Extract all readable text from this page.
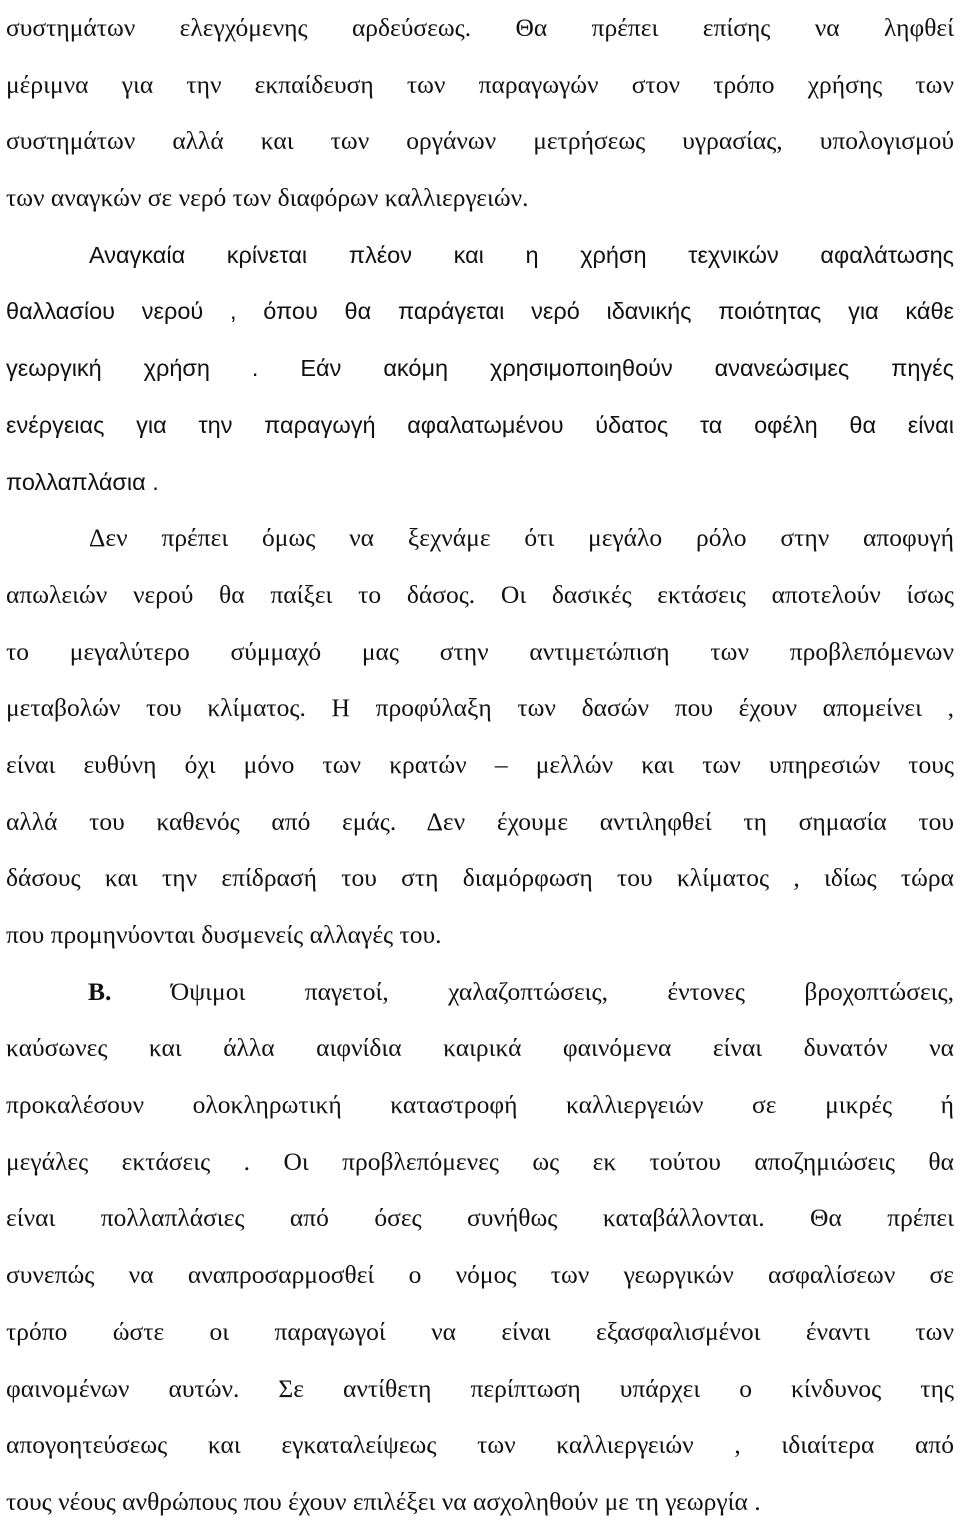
συστημάτων ελεγχόμενης αρδεύσεως. Θα πρέπει επίσης να ληφθεί
μέριμνα για την εκπαίδευση των παραγωγών στον τρόπο χρήσης των
συστημάτων αλλά και των οργάνων μετρήσεως υγρασίας, υπολογισμού
των αναγκών σε νερό των διαφόρων καλλιεργειών.
Αναγκαία κρίνεται πλέον και η χρήση τεχνικών αφαλάτωσης
θαλλασίου νερού , όπου θα παράγεται νερό ιδανικής ποιότητας για κάθε
γεωργική χρήση . Εάν ακόμη χρησιμοποιηθούν ανανεώσιμες πηγές
ενέργειας για την παραγωγή αφαλατωμένου ύδατος τα οφέλη θα είναι
πολλαπλάσια .
Δεν πρέπει όμως να ξεχνάμε ότι μεγάλο ρόλο στην αποφυγή
απωλειών νερού θα παίξει το δάσος. Οι δασικές εκτάσεις αποτελούν ίσως
το μεγαλύτερο σύμμαχό μας στην αντιμετώπιση των προβλεπόμενων
μεταβολών του κλίματος. Η προφύλαξη των δασών που έχουν απομείνει ,
είναι ευθύνη όχι μόνο των κρατών – μελλών και των υπηρεσιών τους
αλλά του καθενός από εμάς. Δεν έχουμε αντιληφθεί τη σημασία του
δάσους και την επίδρασή του στη διαμόρφωση του κλίματος , ιδίως τώρα
που προμηνύονται δυσμενείς αλλαγές του.
Β. Όψιμοι παγετοί, χαλαζοπτώσεις, έντονες βροχοπτώσεις,
καύσωνες και άλλα αιφνίδια καιρικά φαινόμενα είναι δυνατόν να
προκαλέσουν ολοκληρωτική καταστροφή καλλιεργειών σε μικρές ή
μεγάλες εκτάσεις . Οι προβλεπόμενες ως εκ τούτου αποζημιώσεις θα
είναι πολλαπλάσιες από όσες συνήθως καταβάλλονται. Θα πρέπει
συνεπώς να αναπροσαρμοσθεί ο νόμος των γεωργικών ασφαλίσεων σε
τρόπο ώστε οι παραγωγοί να είναι εξασφαλισμένοι έναντι των
φαινομένων αυτών. Σε αντίθετη περίπτωση υπάρχει ο κίνδυνος της
απογοητεύσεως και εγκαταλείψεως των καλλιεργειών , ιδιαίτερα από
τους νέους ανθρώπους που έχουν επιλέξει να ασχοληθούν με τη γεωργία .
